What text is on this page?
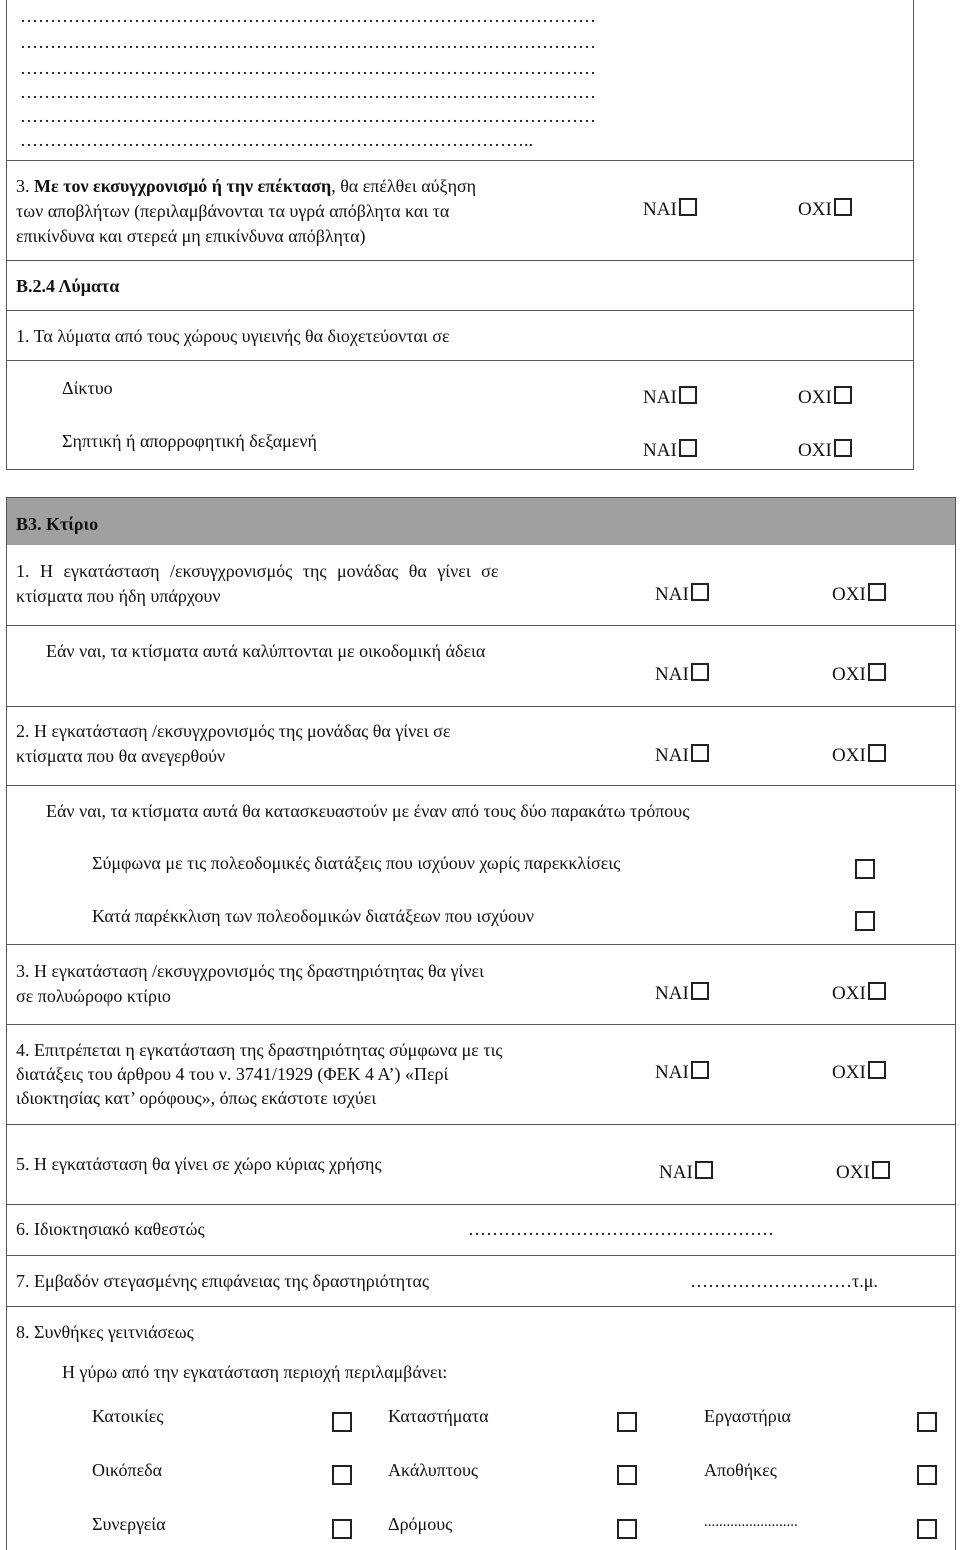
……………………………………………………………………………………
……………………………………………………………………………………
……………………………………………………………………………………
……………………………………………………………………………………
……………………………………………………………………………………
…………………………………………………………………………..
3. Με τον εκσυγχρονισμό ή την επέκταση, θα επέλθει αύξηση
των αποβλήτων (περιλαμβάνονται τα υγρά απόβλητα και τα
επικίνδυνα και στερεά μη επικίνδυνα απόβλητα)
ΝΑΙ	ΟΧΙ
Β.2.4 Λύματα
1. Τα λύματα από τους χώρους υγιεινής θα διοχετεύονται σε
Δίκτυο	ΝΑΙ	ΟΧΙ
Σηπτική ή απορροφητική δεξαμενή	ΝΑΙ	ΟΧΙ
Β3. Κτίριο
1. Η εγκατάσταση /εκσυγχρονισμός της μονάδας θα γίνει σε
κτίσματα που ήδη υπάρχουν	ΝΑΙ	ΟΧΙ
Εάν ναι, τα κτίσματα αυτά καλύπτονται με οικοδομική άδεια
ΝΑΙ	ΟΧΙ
2. Η εγκατάσταση /εκσυγχρονισμός της μονάδας θα γίνει σε
κτίσματα που θα ανεγερθούν	ΝΑΙ	ΟΧΙ
Εάν ναι, τα κτίσματα αυτά θα κατασκευαστούν με έναν από τους δύο παρακάτω τρόπους
Σύμφωνα με τις πολεοδομικές διατάξεις που ισχύουν χωρίς παρεκκλίσεις
Κατά παρέκκλιση των πολεοδομικών διατάξεων που ισχύουν
3. Η εγκατάσταση /εκσυγχρονισμός της δραστηριότητας θα γίνει
σε πολυώροφο κτίριο	ΝΑΙ	ΟΧΙ
4. Επιτρέπεται η εγκατάσταση της δραστηριότητας σύμφωνα με τις
διατάξεις του άρθρου 4 του ν. 3741/1929 (ΦΕΚ 4 Α’) «Περί
ιδιοκτησίας κατ’ ορόφους», όπως εκάστοτε ισχύει
ΝΑΙ	ΟΧΙ
5. Η εγκατάσταση θα γίνει σε χώρο κύριας χρήσης	ΝΑΙ	ΟΧΙ
6. Ιδιοκτησιακό καθεστώς	……………………………………………
7. Εμβαδόν στεγασμένης επιφάνειας της δραστηριότητας	………………………τ.μ.
8. Συνθήκες γειτνιάσεως
Η γύρω από την εγκατάσταση περιοχή περιλαμβάνει:
Κατοικίες	Καταστήματα	Εργαστήρια
Οικόπεδα	Ακάλυπτους	Αποθήκες
Συνεργεία	Δρόμους	.........................
